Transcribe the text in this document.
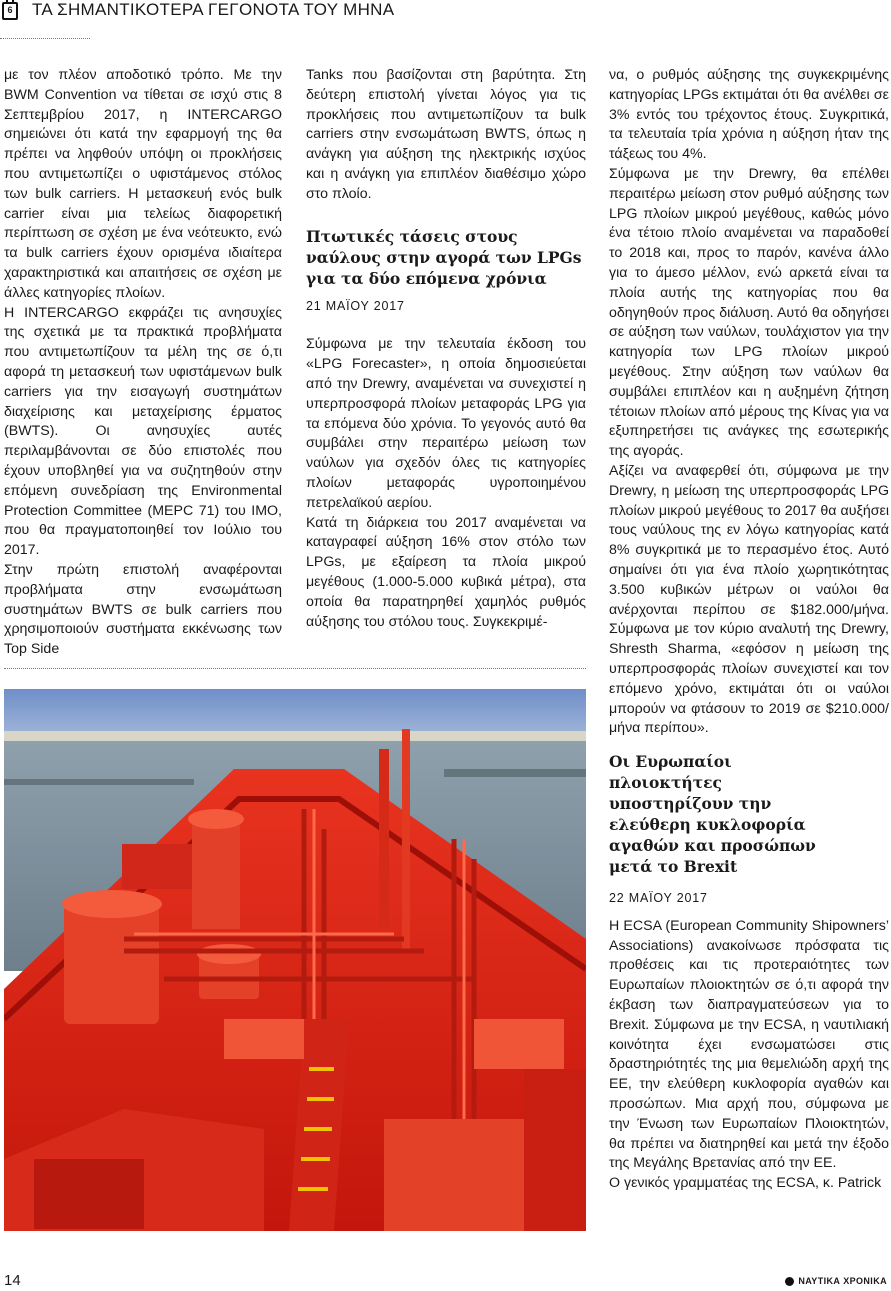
6 ΤΑ ΣΗΜΑΝΤΙΚΟΤΕΡΑ ΓΕΓΟΝΟΤΑ ΤΟΥ ΜΗΝΑ

με τον πλέον αποδοτικό τρόπο. Με την BWM Convention να τίθεται σε ισχύ στις 8 Σεπτεμβρίου 2017, η INTERCARGO σημειώνει ότι κατά την εφαρμογή της θα πρέπει να ληφθούν υπόψη οι προκλήσεις που αντιμετωπίζει ο υφιστάμενος στόλος των bulk carriers. Η μετασκευή ενός bulk carrier είναι μια τελείως διαφορετική περίπτωση σε σχέση με ένα νεότευκτο, ενώ τα bulk carriers έχουν ορισμένα ιδιαίτερα χαρακτηριστικά και απαιτήσεις σε σχέση με άλλες κατηγορίες πλοίων.

Η INTERCARGO εκφράζει τις ανησυχίες της σχετικά με τα πρακτικά προβλήματα που αντιμετωπίζουν τα μέλη της σε ό,τι αφορά τη μετασκευή των υφιστάμενων bulk carriers για την εισαγωγή συστημάτων διαχείρισης και μεταχείρισης έρματος (BWTS). Οι ανησυχίες αυτές περιλαμβάνονται σε δύο επιστολές που έχουν υποβληθεί για να συζητηθούν στην επόμενη συνεδρίαση της Environmental Protection Committee (MEPC 71) του IMO, που θα πραγματοποιηθεί τον Ιούλιο του 2017.

Στην πρώτη επιστολή αναφέρονται προβλήματα στην ενσωμάτωση συστημάτων BWTS σε bulk carriers που χρησιμοποιούν συστήματα εκκένωσης των Top Side

Tanks που βασίζονται στη βαρύτητα. Στη δεύτερη επιστολή γίνεται λόγος για τις προκλήσεις που αντιμετωπίζουν τα bulk carriers στην ενσωμάτωση BWTS, όπως η ανάγκη για αύξηση της ηλεκτρικής ισχύος και η ανάγκη για επιπλέον διαθέσιμο χώρο στο πλοίο.

Πτωτικές τάσεις στους ναύλους στην αγορά των LPGs για τα δύο επόμενα χρόνια

21 ΜΑΪΟΥ 2017

Σύμφωνα με την τελευταία έκδοση του «LPG Forecaster», η οποία δημοσιεύεται από την Drewry, αναμένεται να συνεχιστεί η υπερπροσφορά πλοίων μεταφοράς LPG για τα επόμενα δύο χρόνια. Το γεγονός αυτό θα συμβάλει στην περαιτέρω μείωση των ναύλων για σχεδόν όλες τις κατηγορίες πλοίων μεταφοράς υγροποιημένου πετρελαϊκού αερίου.

Κατά τη διάρκεια του 2017 αναμένεται να καταγραφεί αύξηση 16% στον στόλο των LPGs, με εξαίρεση τα πλοία μικρού μεγέθους (1.000-5.000 κυβικά μέτρα), στα οποία θα παρατηρηθεί χαμηλός ρυθμός αύξησης του στόλου τους. Συγκεκριμέ-

να, ο ρυθμός αύξησης της συγκεκριμένης κατηγορίας LPGs εκτιμάται ότι θα ανέλθει σε 3% εντός του τρέχοντος έτους. Συγκριτικά, τα τελευταία τρία χρόνια η αύξηση ήταν της τάξεως του 4%.

Σύμφωνα με την Drewry, θα επέλθει περαιτέρω μείωση στον ρυθμό αύξησης των LPG πλοίων μικρού μεγέθους, καθώς μόνο ένα τέτοιο πλοίο αναμένεται να παραδοθεί το 2018 και, προς το παρόν, κανένα άλλο για το άμεσο μέλλον, ενώ αρκετά είναι τα πλοία αυτής της κατηγορίας που θα οδηγηθούν προς διάλυση. Αυτό θα οδηγήσει σε αύξηση των ναύλων, τουλάχιστον για την κατηγορία των LPG πλοίων μικρού μεγέθους. Στην αύξηση των ναύλων θα συμβάλει επιπλέον και η αυξημένη ζήτηση τέτοιων πλοίων από μέρους της Κίνας για να εξυπηρετήσει τις ανάγκες της εσωτερικής της αγοράς.

Αξίζει να αναφερθεί ότι, σύμφωνα με την Drewry, η μείωση της υπερπροσφοράς LPG πλοίων μικρού μεγέθους το 2017 θα αυξήσει τους ναύλους της εν λόγω κατηγορίας κατά 8% συγκριτικά με το περασμένο έτος. Αυτό σημαίνει ότι για ένα πλοίο χωρητικότητας 3.500 κυβικών μέτρων οι ναύλοι θα ανέρχονται περίπου σε $182.000/μήνα. Σύμφωνα με τον κύριο αναλυτή της Drewry, Shresth Sharma, «εφόσον η μείωση της υπερπροσφοράς πλοίων συνεχιστεί και τον επόμενο χρόνο, εκτιμάται ότι οι ναύλοι μπορούν να φτάσουν το 2019 σε $210.000/μήνα περίπου».

Οι Ευρωπαίοι πλοιοκτήτες υποστηρίζουν την ελεύθερη κυκλοφορία αγαθών και προσώπων μετά το Brexit

22 ΜΑΪΟΥ 2017

Η ECSA (European Community Shipowners’ Associations) ανακοίνωσε πρόσφατα τις προθέσεις και τις προτεραιότητες των Ευρωπαίων πλοιοκτητών σε ό,τι αφορά την έκβαση των διαπραγματεύσεων για το Brexit. Σύμφωνα με την ECSA, η ναυτιλιακή κοινότητα έχει ενσωματώσει στις δραστηριότητές της μια θεμελιώδη αρχή της ΕΕ, την ελεύθερη κυκλοφορία αγαθών και προσώπων. Μια αρχή που, σύμφωνα με την Ένωση των Ευρωπαίων Πλοιοκτητών, θα πρέπει να διατηρηθεί και μετά την έξοδο της Μεγάλης Βρετανίας από την ΕΕ.

Ο γενικός γραμματέας της ECSA, κ. Patrick

14	ΝΑΥΤΙΚΑ ΧΡΟΝΙΚΑ
